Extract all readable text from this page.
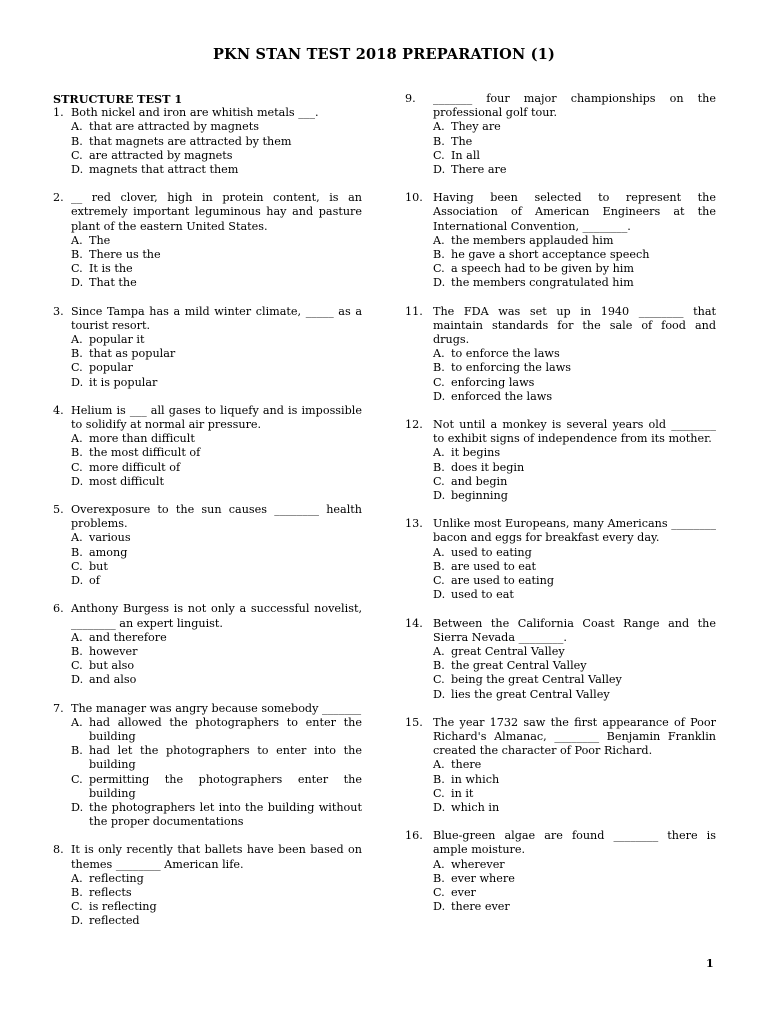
PKN STAN TEST 2018 PREPARATION (1)

STRUCTURE TEST 1

1. Both nickel and iron are whitish metals ___.
A. that are attracted by magnets
B. that magnets are attracted by them
C. are attracted by magnets
D. magnets that attract them
2. __ red clover, high in protein content, is an extremely important leguminous hay and pasture plant of the eastern United States.
A. The
B. There us the
C. It is the
D. That the
3. Since Tampa has a mild winter climate, _____ as a tourist resort.
A. popular it
B. that as popular
C. popular
D. it is popular
4. Helium is ___ all gases to liquefy and is impossible to solidify at normal air pressure.
A. more than difficult
B. the most difficult of
C. more difficult of
D. most difficult
5. Overexposure to the sun causes ________ health problems.
A. various
B. among
C. but
D. of
6. Anthony Burgess is not only a successful novelist, ________ an expert linguist.
A. and therefore
B. however
C. but also
D. and also
7. The manager was angry because somebody _______
A. had allowed the photographers to enter the building
B. had let the photographers to enter into the building
C. permitting the photographers enter the building
D. the photographers let into the building without the proper documentations
8. It is only recently that ballets have been based on themes ________ American life.
A. reflecting
B. reflects
C. is reflecting
D. reflected
9. _______ four major championships on the professional golf tour.
A. They are
B. The
C. In all
D. There are
10. Having been selected to represent the Association of American Engineers at the International Convention, ________.
A. the members applauded him
B. he gave a short acceptance speech
C. a speech had to be given by him
D. the members congratulated him
11. The FDA was set up in 1940 ________ that maintain standards for the sale of food and drugs.
A. to enforce the laws
B. to enforcing the laws
C. enforcing laws
D. enforced the laws
12. Not until a monkey is several years old ________ to exhibit signs of independence from its mother.
A. it begins
B. does it begin
C. and begin
D. beginning
13. Unlike most Europeans, many Americans ________ bacon and eggs for breakfast every day.
A. used to eating
B. are used to eat
C. are used to eating
D. used to eat
14. Between the California Coast Range and the Sierra Nevada ________.
A. great Central Valley
B. the great Central Valley
C. being the great Central Valley
D. lies the great Central Valley
15. The year 1732 saw the first appearance of Poor Richard's Almanac, ________ Benjamin Franklin created the character of Poor Richard.
A. there
B. in which
C. in it
D. which in
16. Blue-green algae are found ________ there is ample moisture.
A. wherever
B. ever where
C. ever
D. there ever
1
